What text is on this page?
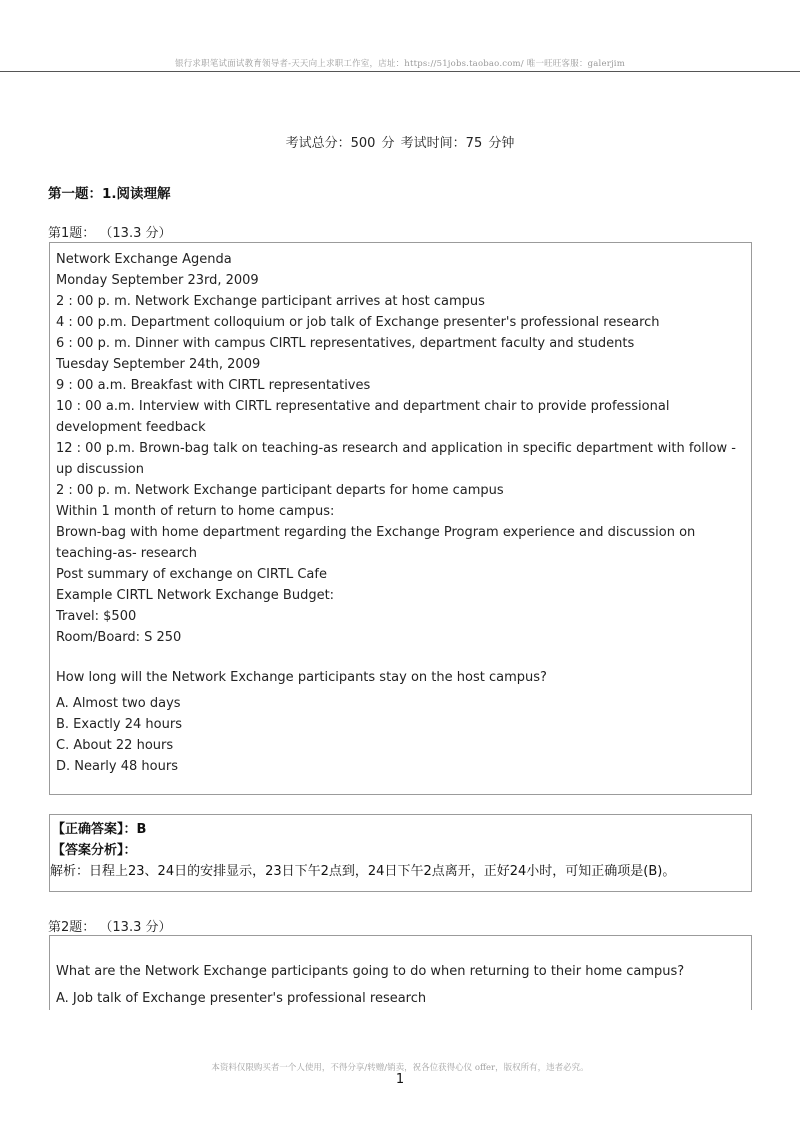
银行求职笔试面试教育领导者-天天向上求职工作室，店址：https://51jobs.taobao.com/ 唯一旺旺客服：galerjim
考试总分：500 分 考试时间：75 分钟
第一题：1.阅读理解
第1题： （13.3 分）
Network Exchange Agenda
Monday September 23rd, 2009
2 : 00 p. m. Network Exchange participant arrives at host campus
4 : 00 p.m. Department colloquium or job talk of Exchange presenter's professional research
6 : 00 p. m. Dinner with campus CIRTL representatives, department faculty and students
Tuesday September 24th, 2009
9 : 00 a.m. Breakfast with CIRTL representatives
10 : 00 a.m. Interview with CIRTL representative and department chair to provide professional development feedback
12 : 00 p.m. Brown-bag talk on teaching-as research and application in specific department with follow - up discussion
2 : 00 p. m. Network Exchange participant departs for home campus
Within 1 month of return to home campus:
Brown-bag with home department regarding the Exchange Program experience and discussion on teaching-as- research
Post summary of exchange on CIRTL Cafe
Example CIRTL Network Exchange Budget:
Travel: $500
Room/Board: S 250
How long will the Network Exchange participants stay on the host campus?
A. Almost two days
B. Exactly 24 hours
C. About 22 hours
D. Nearly 48 hours
【正确答案】：B
【答案分析】：
解析：日程上23、24日的安排显示，23日下午2点到，24日下午2点离开，正好24小时，可知正确项是(B)。
第2题： （13.3 分）
What are the Network Exchange participants going to do when returning to their home campus?
A. Job talk of Exchange presenter's professional research
本资料仅限购买者一个人使用，不得分享/转赠/销卖，祝各位获得心仪 offer，版权所有，违者必究。
1
